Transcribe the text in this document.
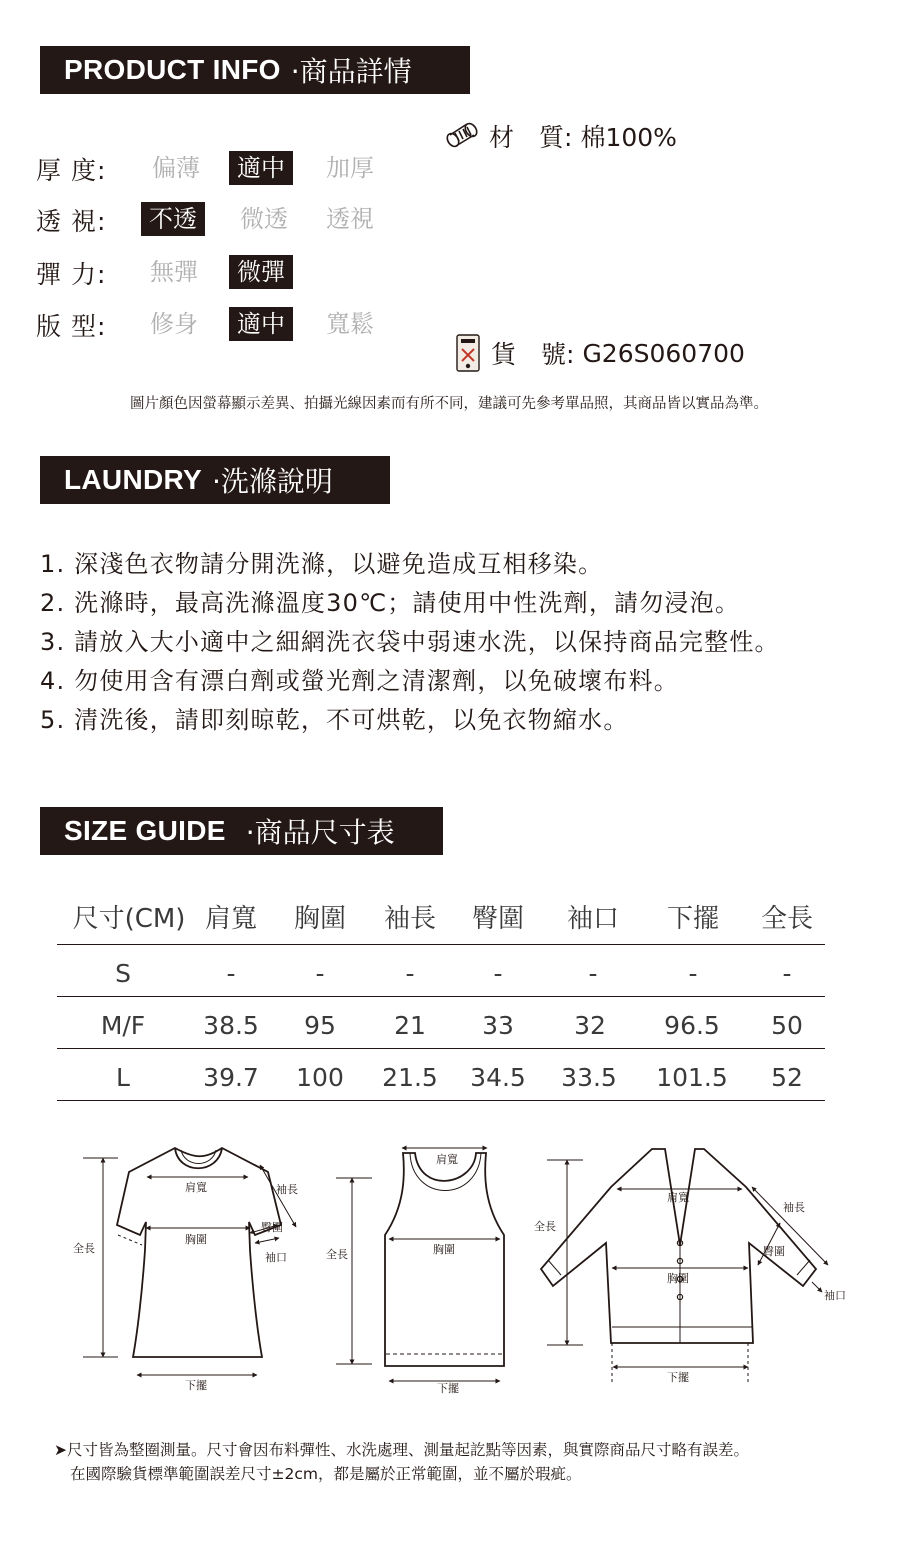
PRODUCT INFO ·商品詳情
厚 度:	偏薄	適中	加厚
透 視:	不透	微透	透視
彈 力:	無彈	微彈
版 型:	修身	適中	寬鬆
材　質: 棉100%
貨　號: G26S060700
圖片顏色因螢幕顯示差異、拍攝光線因素而有所不同，建議可先參考單品照，其商品皆以實品為準。
LAUNDRY ·洗滌說明
1. 深淺色衣物請分開洗滌，以避免造成互相移染。
2. 洗滌時，最高洗滌溫度30℃；請使用中性洗劑，請勿浸泡。
3. 請放入大小適中之細網洗衣袋中弱速水洗，以保持商品完整性。
4. 勿使用含有漂白劑或螢光劑之清潔劑，以免破壞布料。
5. 清洗後，請即刻晾乾，不可烘乾，以免衣物縮水。
SIZE GUIDE ·商品尺寸表
尺寸(CM) 肩寬 胸圍 袖長 臀圍 袖口 下擺 全長
S	-	-	-	-	-	-	-
M/F 38.5 95 21 33 32 96.5 50
L	39.7 100 21.5 34.5 33.5 101.5 52
肩寬
胸圍
下擺
全長
袖長
臀圍
袖口
肩寬
胸圍
下擺
全長
肩寬
胸圍
下擺
全長
袖長
臀圍
袖口
➤尺寸皆為整圈測量。尺寸會因布料彈性、水洗處理、測量起訖點等因素，與實際商品尺寸略有誤差。
在國際驗貨標準範圍誤差尺寸±2cm，都是屬於正常範圍，並不屬於瑕疵。
